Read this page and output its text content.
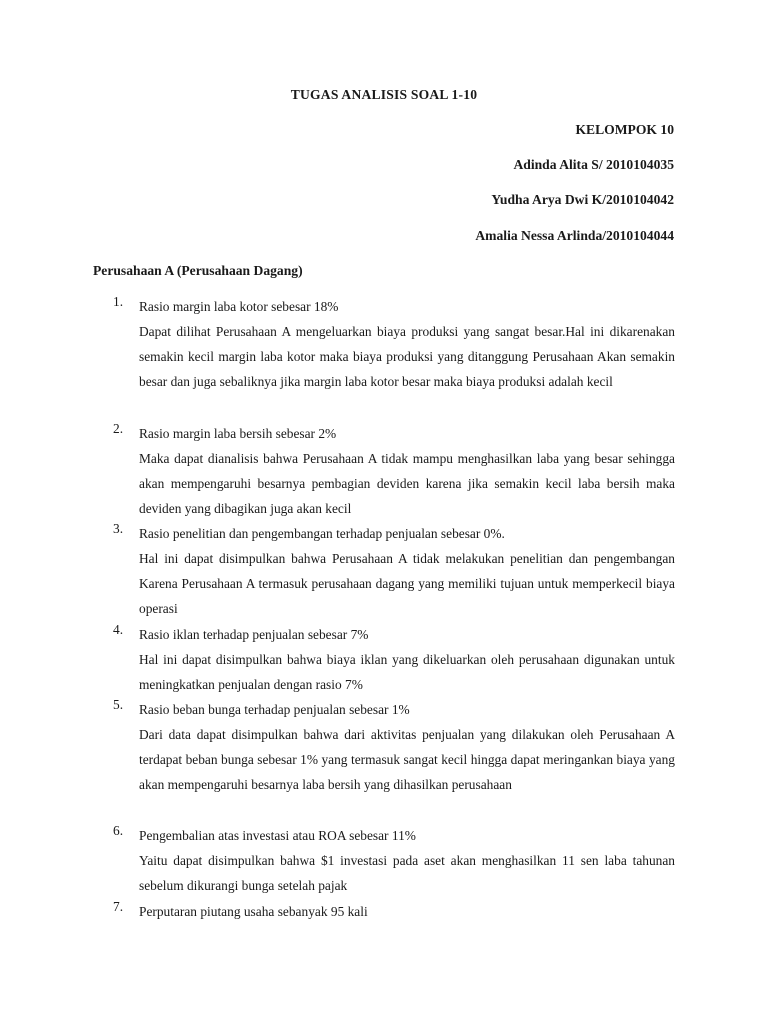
TUGAS ANALISIS SOAL 1-10
KELOMPOK 10
Adinda Alita S/ 2010104035
Yudha Arya Dwi K/2010104042
Amalia Nessa Arlinda/2010104044
Perusahaan A (Perusahaan Dagang)
1.	Rasio margin laba kotor sebesar 18%
Dapat dilihat Perusahaan A mengeluarkan biaya produksi yang sangat besar.Hal ini dikarenakan semakin kecil margin laba kotor maka biaya produksi yang ditanggung Perusahaan Akan semakin besar dan juga sebaliknya jika margin laba kotor besar maka biaya produksi adalah kecil
2.	Rasio margin laba bersih sebesar 2%
Maka dapat dianalisis bahwa Perusahaan A tidak mampu menghasilkan laba yang besar sehingga akan mempengaruhi besarnya pembagian deviden karena jika semakin kecil laba bersih maka deviden yang dibagikan juga akan kecil
3.	Rasio penelitian dan pengembangan terhadap penjualan sebesar 0%.
Hal ini dapat disimpulkan bahwa Perusahaan A tidak melakukan penelitian dan pengembangan Karena Perusahaan A termasuk perusahaan dagang yang memiliki tujuan untuk memperkecil biaya operasi
4.	Rasio iklan terhadap penjualan sebesar 7%
Hal ini dapat disimpulkan bahwa biaya iklan yang dikeluarkan oleh perusahaan digunakan untuk meningkatkan penjualan dengan rasio 7%
5.	Rasio beban bunga terhadap penjualan sebesar 1%
Dari data dapat disimpulkan bahwa dari aktivitas penjualan yang dilakukan oleh Perusahaan A terdapat beban bunga sebesar 1% yang termasuk sangat kecil hingga dapat meringankan biaya yang akan mempengaruhi besarnya laba bersih yang dihasilkan perusahaan
6.	Pengembalian atas investasi atau ROA sebesar 11%
Yaitu dapat disimpulkan bahwa $1 investasi pada aset akan menghasilkan 11 sen laba tahunan sebelum dikurangi bunga setelah pajak
7.	Perputaran piutang usaha sebanyak 95 kali
